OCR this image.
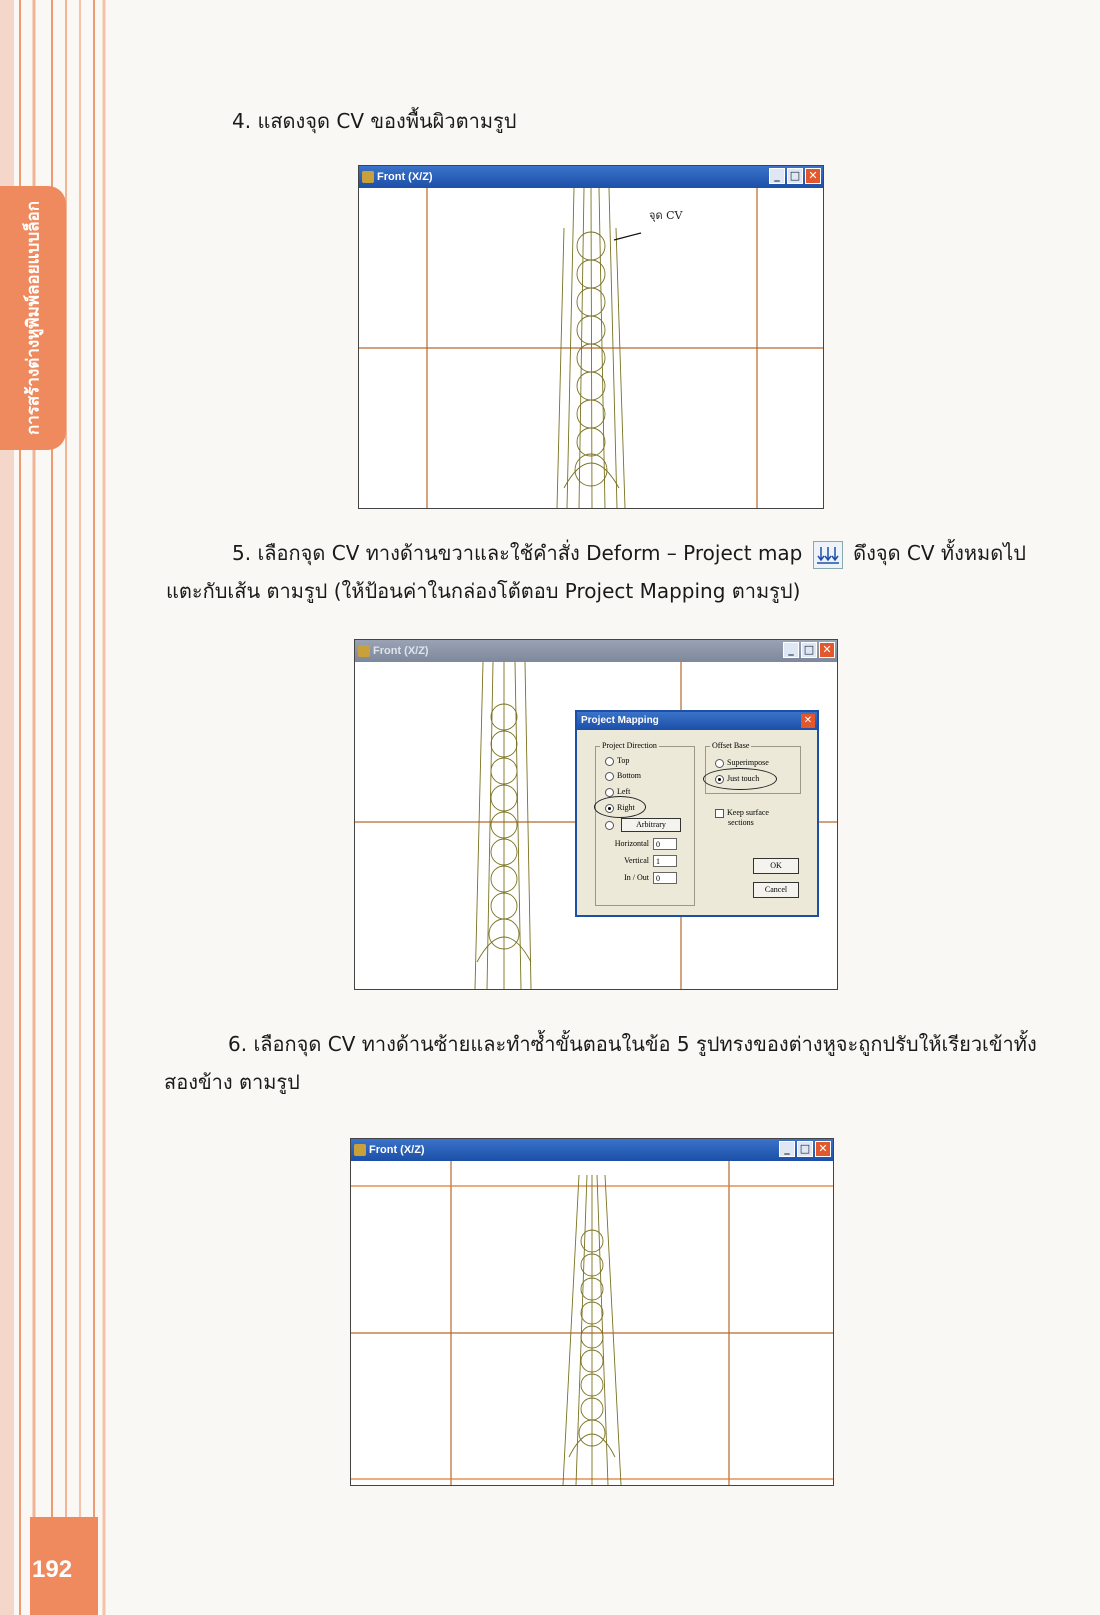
การสร้างต่างหูพิมพ์ลอยแบบล็อก
192
4. แสดงจุด CV ของพื้นผิวตามรูป
Front (X/Z)	_ □ ✕
จุด CV
5. เลือกจุด CV ทางด้านขวาและใช้คำสั่ง Deform – Project map	ดึงจุด CV ทั้งหมดไป
แตะกับเส้น ตามรูป (ให้ป้อนค่าในกล่องโต้ตอบ Project Mapping ตามรูป)
Front (X/Z)	_ □ ✕
Project Mapping	✕
Project Direction
Top
Bottom
Left
Right
Arbitrary
Horizontal 0
Vertical 1
In / Out 0
Offset Base
Superimpose
Just touch
Keep surface
sections
OK
Cancel
6. เลือกจุด CV ทางด้านซ้ายและทำซ้ำขั้นตอนในข้อ 5 รูปทรงของต่างหูจะถูกปรับให้เรียวเข้าทั้ง
สองข้าง ตามรูป
Front (X/Z)	_ □ ✕
